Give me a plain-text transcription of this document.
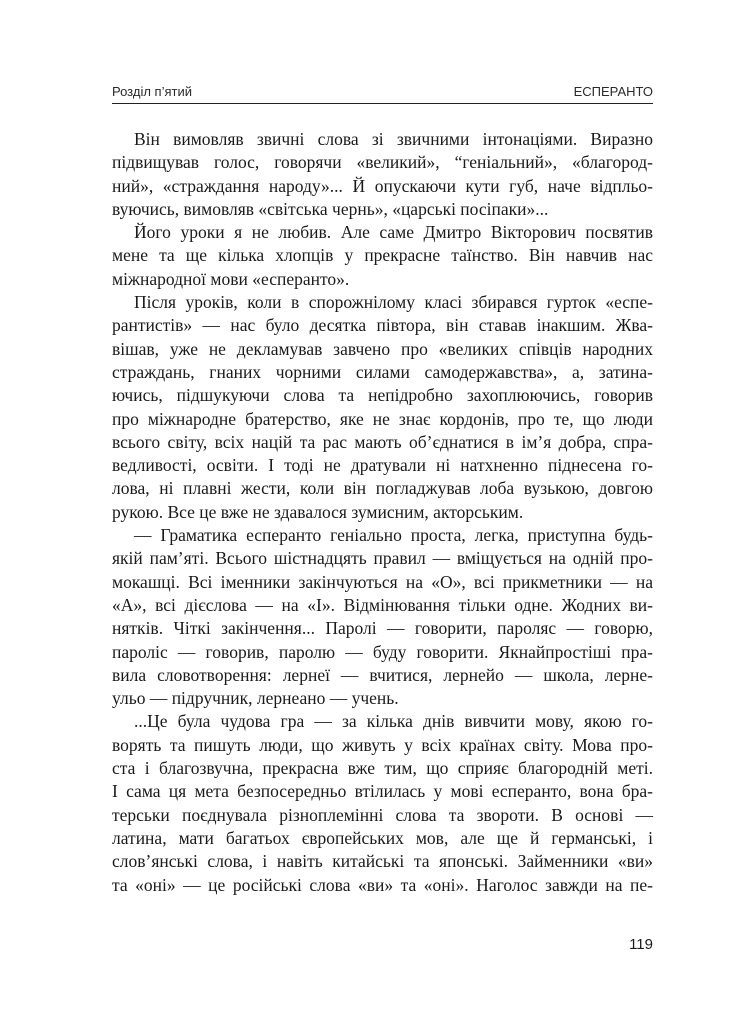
Розділ п’ятий	ЕСПЕРАНТО
Він вимовляв звичні слова зі звичними інтонаціями. Виразно
підвищував голос, говорячи «великий», “геніальний», «благород-
ний», «страждання народу»... Й опускаючи кути губ, наче відпльо-
вуючись, вимовляв «світська чернь», «царські посіпаки»...
Його уроки я не любив. Але саме Дмитро Вікторович посвятив
мене та ще кілька хлопців у прекрасне таїнство. Він навчив нас
міжнародної мови «есперанто».
Після уроків, коли в спорожнілому класі збирався гурток «еспе-
рантистів» — нас було десятка півтора, він ставав інакшим. Жва-
вішав, уже не декламував завчено про «великих співців народних
страждань, гнаних чорними силами самодержавства», а, затина-
ючись, підшукуючи слова та непідробно захоплюючись, говорив
про міжнародне братерство, яке не знає кордонів, про те, що люди
всього світу, всіх націй та рас мають об’єднатися в ім’я добра, спра-
ведливості, освіти. І тоді не дратували ні натхненно піднесена го-
лова, ні плавні жести, коли він погладжував лоба вузькою, довгою
рукою. Все це вже не здавалося зумисним, акторським.
— Граматика есперанто геніально проста, легка, приступна будь-
якій пам’яті. Всього шістнадцять правил — вміщується на одній про-
мокашці. Всі іменники закінчуються на «О», всі прикметники — на
«А», всі дієслова — на «І». Відмінювання тільки одне. Жодних ви-
нятків. Чіткі закінчення... Паролі — говорити, пароляс — говорю,
пароліс — говорив, паролю — буду говорити. Якнайпростіші пра-
вила словотворення: лернеї — вчитися, лернейо — школа, лерне-
ульо — підручник, лернеано — учень.
...Це була чудова гра — за кілька днів вивчити мову, якою го-
ворять та пишуть люди, що живуть у всіх країнах світу. Мова про-
ста і благозвучна, прекрасна вже тим, що сприяє благородній меті.
І сама ця мета безпосередньо втілилась у мові есперанто, вона бра-
терськи поєднувала різноплемінні слова та звороти. В основі —
латина, мати багатьох європейських мов, але ще й германські, і
слов’янські слова, і навіть китайські та японські. Займенники «ви»
та «оні» — це російські слова «ви» та «оні». Наголос завжди на пе-
119
